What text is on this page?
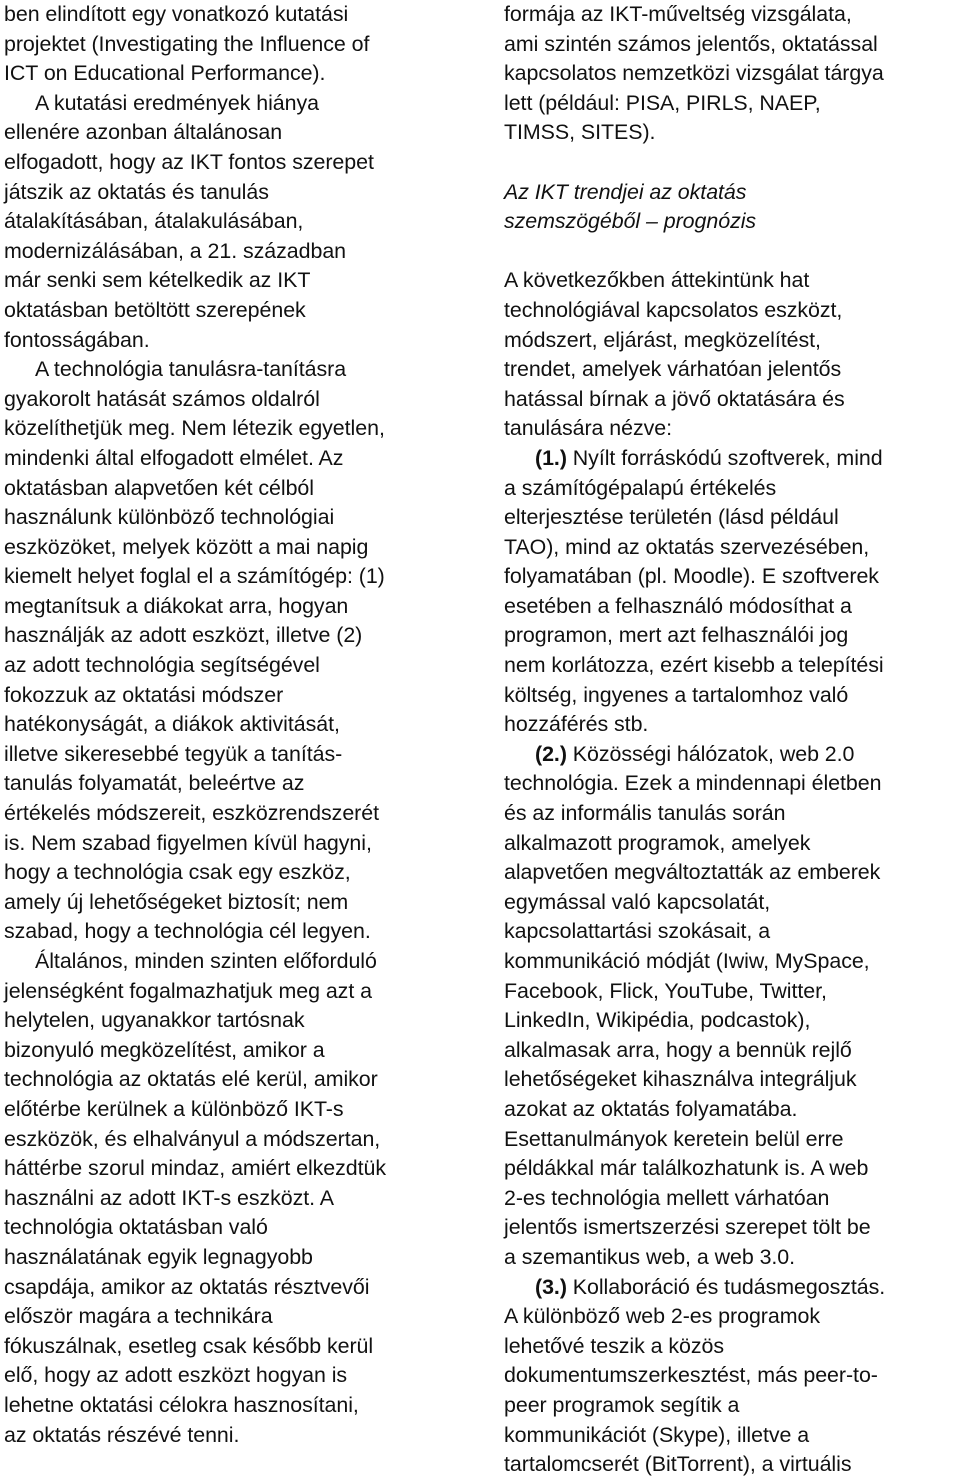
ben elindított egy vonatkozó kutatási
projektet (Investigating the Influence of
ICT on Educational Performance).
A kutatási eredmények hiánya
ellenére azonban általánosan
elfogadott, hogy az IKT fontos szerepet
játszik az oktatás és tanulás
átalakításában, átalakulásában,
modernizálásában, a 21. században
már senki sem kételkedik az IKT
oktatásban betöltött szerepének
fontosságában.
A technológia tanulásra-tanításra
gyakorolt hatását számos oldalról
közelíthetjük meg. Nem létezik egyetlen,
mindenki által elfogadott elmélet. Az
oktatásban alapvetően két célból
használunk különböző technológiai
eszközöket, melyek között a mai napig
kiemelt helyet foglal el a számítógép: (1)
megtanítsuk a diákokat arra, hogyan
használják az adott eszközt, illetve (2)
az adott technológia segítségével
fokozzuk az oktatási módszer
hatékonyságát, a diákok aktivitását,
illetve sikeresebbé tegyük a tanítás-
tanulás folyamatát, beleértve az
értékelés módszereit, eszközrendszerét
is. Nem szabad figyelmen kívül hagyni,
hogy a technológia csak egy eszköz,
amely új lehetőségeket biztosít; nem
szabad, hogy a technológia cél legyen.
Általános, minden szinten előforduló
jelenségként fogalmazhatjuk meg azt a
helytelen, ugyanakkor tartósnak
bizonyuló megközelítést, amikor a
technológia az oktatás elé kerül, amikor
előtérbe kerülnek a különböző IKT-s
eszközök, és elhalványul a módszertan,
háttérbe szorul mindaz, amiért elkezdtük
használni az adott IKT-s eszközt. A
technológia oktatásban való
használatának egyik legnagyobb
csapdája, amikor az oktatás résztvevői
először magára a technikára
fókuszálnak, esetleg csak később kerül
elő, hogy az adott eszközt hogyan is
lehetne oktatási célokra hasznosítani,
az oktatás részévé tenni.
formája az IKT-műveltség vizsgálata,
ami szintén számos jelentős, oktatással
kapcsolatos nemzetközi vizsgálat tárgya
lett (például: PISA, PIRLS, NAEP,
TIMSS, SITES).
Az IKT trendjei az oktatás
szemszögéből – prognózis
A következőkben áttekintünk hat
technológiával kapcsolatos eszközt,
módszert, eljárást, megközelítést,
trendet, amelyek várhatóan jelentős
hatással bírnak a jövő oktatására és
tanulására nézve:
(1.) Nyílt forráskódú szoftverek, mind
a számítógépalapú értékelés
elterjesztése területén (lásd például
TAO), mind az oktatás szervezésében,
folyamatában (pl. Moodle). E szoftverek
esetében a felhasználó módosíthat a
programon, mert azt felhasználói jog
nem korlátozza, ezért kisebb a telepítési
költség, ingyenes a tartalomhoz való
hozzáférés stb.
(2.) Közösségi hálózatok, web 2.0
technológia. Ezek a mindennapi életben
és az informális tanulás során
alkalmazott programok, amelyek
alapvetően megváltoztatták az emberek
egymással való kapcsolatát,
kapcsolattartási szokásait, a
kommunikáció módját (Iwiw, MySpace,
Facebook, Flick, YouTube, Twitter,
LinkedIn, Wikipédia, podcastok),
alkalmasak arra, hogy a bennük rejlő
lehetőségeket kihasználva integráljuk
azokat az oktatás folyamatába.
Esettanulmányok keretein belül erre
példákkal már találkozhatunk is. A web
2-es technológia mellett várhatóan
jelentős ismertszerzési szerepet tölt be
a szemantikus web, a web 3.0.
(3.) Kollaboráció és tudásmegosztás.
A különböző web 2-es programok
lehetővé teszik a közös
dokumentumszerkesztést, más peer-to-
peer programok segítik a
kommunikációt (Skype), illetve a
tartalomcserét (BitTorrent), a virtuális
